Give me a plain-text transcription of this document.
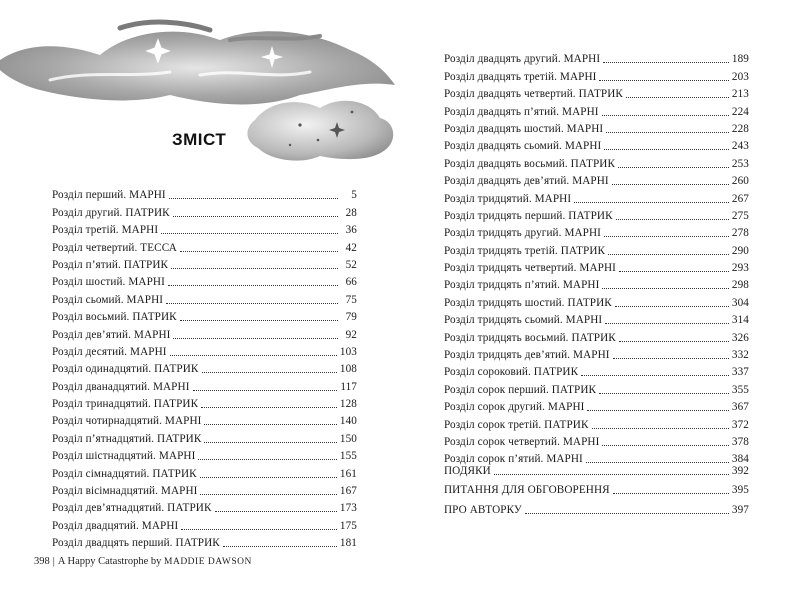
ЗМІСТ
Розділ перший. МАРНІ	5
Розділ другий. ПАТРИК	28
Розділ третій. МАРНІ	36
Розділ четвертий. ТЕССА	42
Розділ п’ятий. ПАТРИК	52
Розділ шостий. МАРНІ	66
Розділ сьомий. МАРНІ	75
Розділ восьмий. ПАТРИК	79
Розділ дев’ятий. МАРНІ	92
Розділ десятий. МАРНІ	103
Розділ одинадцятий. ПАТРИК	108
Розділ дванадцятий. МАРНІ	117
Розділ тринадцятий. ПАТРИК	128
Розділ чотирнадцятий. МАРНІ	140
Розділ п’ятнадцятий. ПАТРИК	150
Розділ шістнадцятий. МАРНІ	155
Розділ сімнадцятий. ПАТРИК	161
Розділ вісімнадцятий. МАРНІ	167
Розділ дев’ятнадцятий. ПАТРИК	173
Розділ двадцятий. МАРНІ	175
Розділ двадцять перший. ПАТРИК	181
398 | A Happy Catastrophe by MADDIE DAWSON
Розділ двадцять другий. МАРНІ	189
Розділ двадцять третій. МАРНІ	203
Розділ двадцять четвертий. ПАТРИК	213
Розділ двадцять п’ятий. МАРНІ	224
Розділ двадцять шостий. МАРНІ	228
Розділ двадцять сьомий. МАРНІ	243
Розділ двадцять восьмий. ПАТРИК	253
Розділ двадцять дев’ятий. МАРНІ	260
Розділ тридцятий. МАРНІ	267
Розділ тридцять перший. ПАТРИК	275
Розділ тридцять другий. МАРНІ	278
Розділ тридцять третій. ПАТРИК	290
Розділ тридцять четвертий. МАРНІ	293
Розділ тридцять п’ятий. МАРНІ	298
Розділ тридцять шостий. ПАТРИК	304
Розділ тридцять сьомий. МАРНІ	314
Розділ тридцять восьмий. ПАТРИК	326
Розділ тридцять дев’ятий. МАРНІ	332
Розділ сороковий. ПАТРИК	337
Розділ сорок перший. ПАТРИК	355
Розділ сорок другий. МАРНІ	367
Розділ сорок третій. ПАТРИК	372
Розділ сорок четвертий. МАРНІ	378
Розділ сорок п’ятий. МАРНІ	384
ПОДЯКИ	392
ПИТАННЯ ДЛЯ ОБГОВОРЕННЯ	395
ПРО АВТОРКУ	397
